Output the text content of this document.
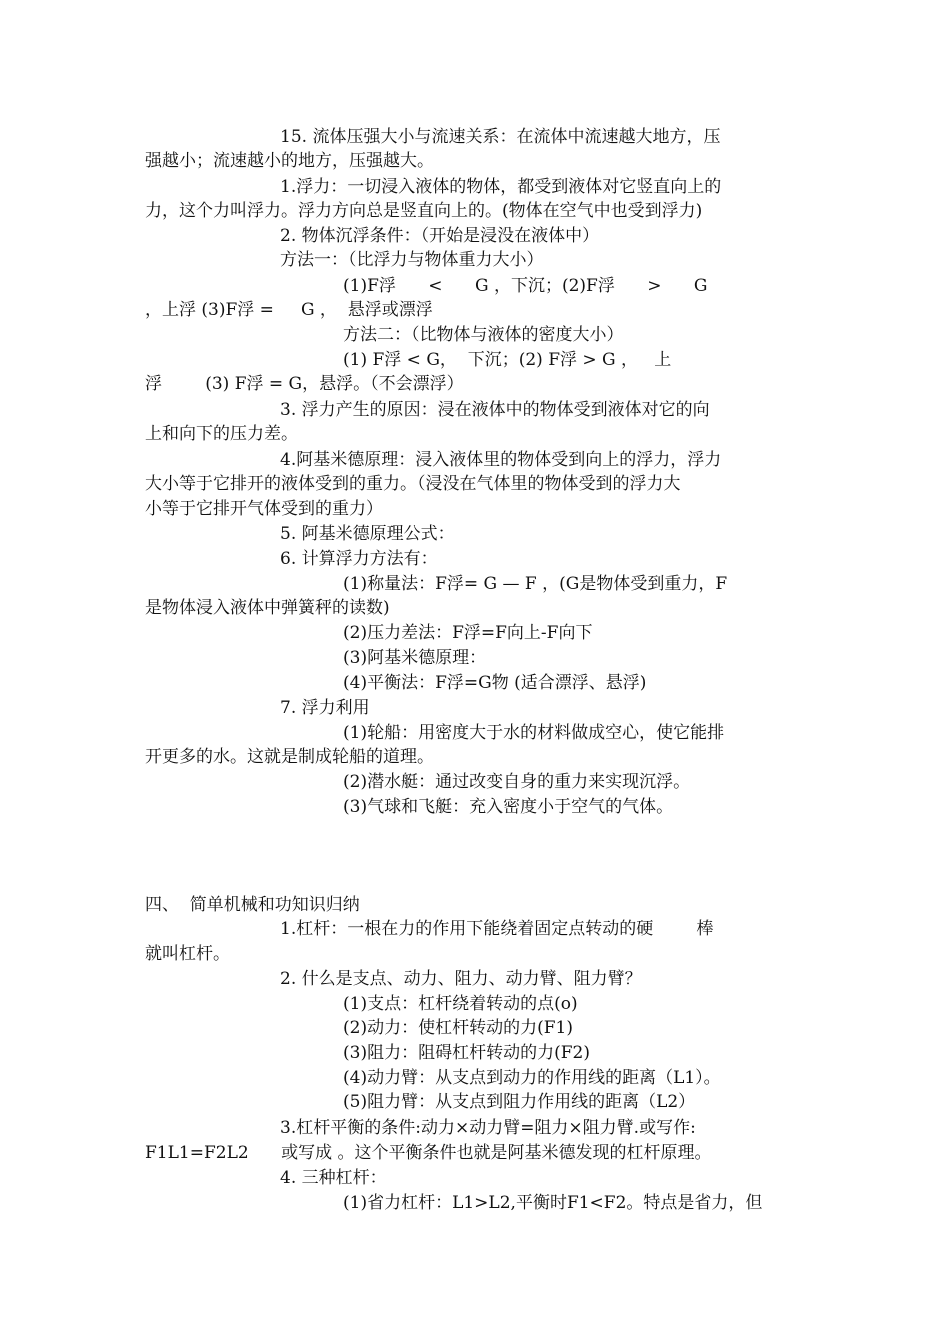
15. 流体压强大小与流速关系：在流体中流速越大地方，压
强越小；流速越小的地方，压强越大。
1.浮力：一切浸入液体的物体，都受到液体对它竖直向上的
力，这个力叫浮力。浮力方向总是竖直向上的。(物体在空气中也受到浮力)
2. 物体沉浮条件：（开始是浸没在液体中）
方法一：（比浮力与物体重力大小）
(1)F浮      <      G ，下沉；(2)F浮      >      G
，上浮 (3)F浮 =     G ，  悬浮或漂浮
方法二：（比物体与液体的密度大小）
(1) F浮 < G，  下沉；(2) F浮 > G ，   上
浮        (3) F浮 = G，悬浮。（不会漂浮）
3. 浮力产生的原因：浸在液体中的物体受到液体对它的向
上和向下的压力差。
4.阿基米德原理：浸入液体里的物体受到向上的浮力，浮力
大小等于它排开的液体受到的重力。（浸没在气体里的物体受到的浮力大
小等于它排开气体受到的重力）
5. 阿基米德原理公式：
6. 计算浮力方法有：
(1)称量法：F浮= G — F ，(G是物体受到重力，F
是物体浸入液体中弹簧秤的读数)
(2)压力差法：F浮=F向上-F向下
(3)阿基米德原理：
(4)平衡法：F浮=G物 (适合漂浮、悬浮)
7. 浮力利用
(1)轮船：用密度大于水的材料做成空心，使它能排
开更多的水。这就是制成轮船的道理。
(2)潜水艇：通过改变自身的重力来实现沉浮。
(3)气球和飞艇：充入密度小于空气的气体。
四、  简单机械和功知识归纳
1.杠杆：一根在力的作用下能绕着固定点转动的硬        棒
就叫杠杆。
2. 什么是支点、动力、阻力、动力臂、阻力臂？
(1)支点：杠杆绕着转动的点(o)
(2)动力：使杠杆转动的力(F1)
(3)阻力：阻碍杠杆转动的力(F2)
(4)动力臂：从支点到动力的作用线的距离（L1）。
(5)阻力臂：从支点到阻力作用线的距离（L2）
3.杠杆平衡的条件:动力×动力臂=阻力×阻力臂.或写作:
F1L1=F2L2      或写成 。这个平衡条件也就是阿基米德发现的杠杆原理。
4. 三种杠杆：
(1)省力杠杆：L1>L2,平衡时F1<F2。特点是省力，但
